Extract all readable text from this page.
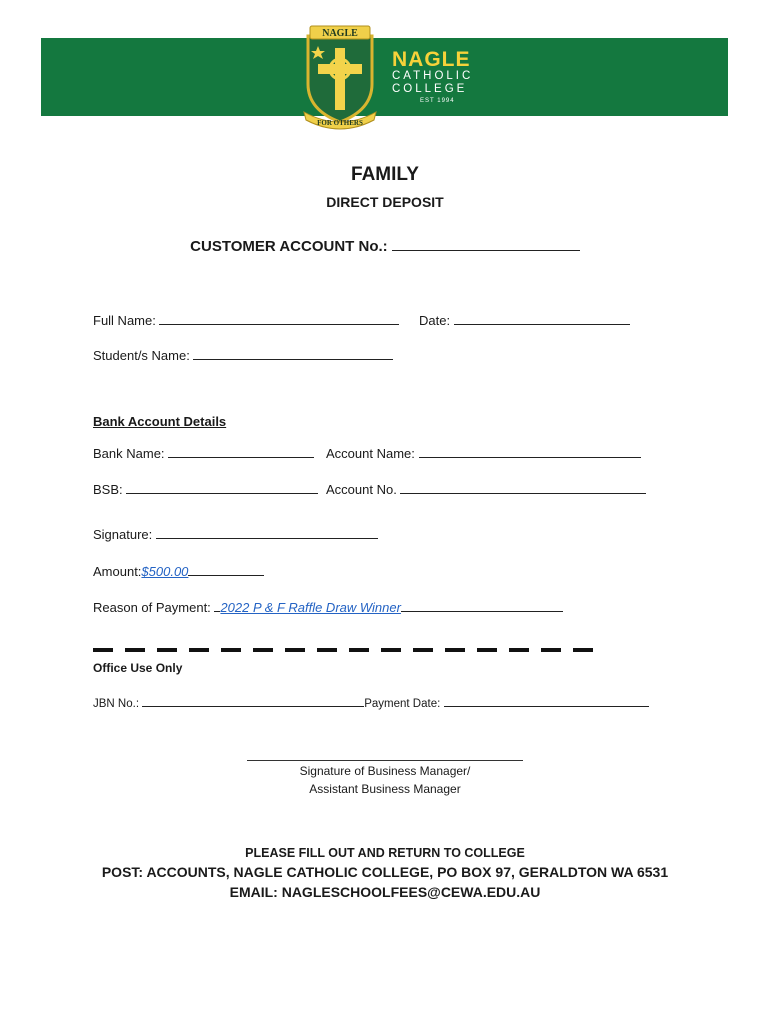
NAGLE
FOR OTHERS
NAGLE
CATHOLIC
COLLEGE
EST 1994
FAMILY
DIRECT DEPOSIT
CUSTOMER ACCOUNT No.:
Full Name:	Date:
Student/s Name:
Bank Account Details
Bank Name:	Account Name:
BSB:	Account No.
Signature:
Amount:$500.00
Reason of Payment: 2022 P & F Raffle Draw Winner
Office Use Only
JBN No.:	Payment Date:
Signature of Business Manager/
Assistant Business Manager
PLEASE FILL OUT AND RETURN TO COLLEGE
POST: ACCOUNTS, NAGLE CATHOLIC COLLEGE, PO BOX 97, GERALDTON WA 6531
EMAIL: NAGLESCHOOLFEES@CEWA.EDU.AU
